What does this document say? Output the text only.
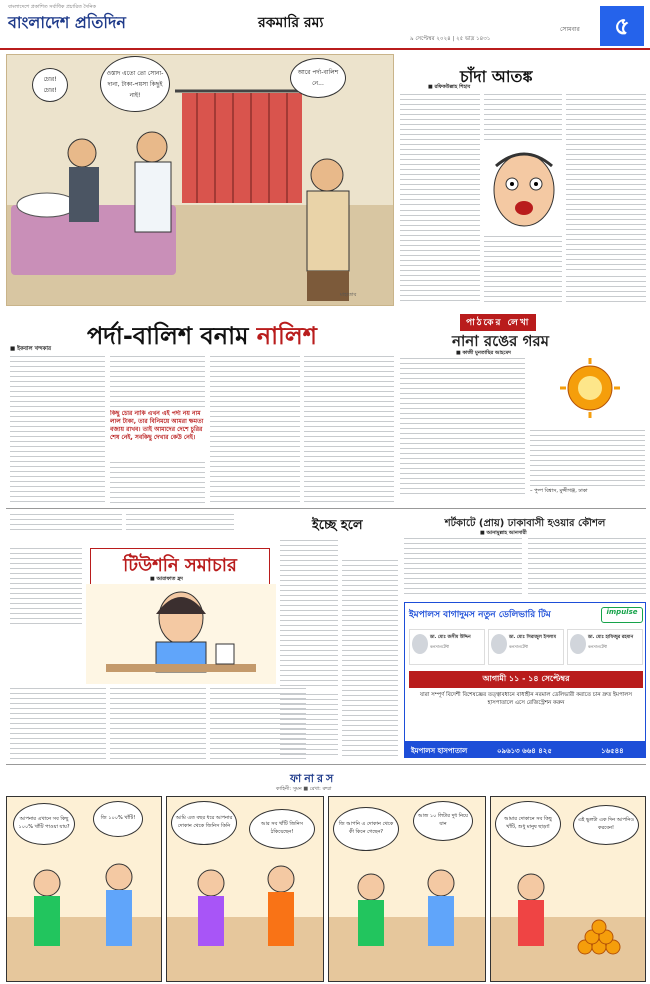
বাংলাদেশে প্রকাশিত সর্বাধিক প্রচারিত দৈনিক
বাংলাদেশ প্রতিদিন	রকমারি রম্য	সোমবার
৯ সেপ্টেম্বর ২০২৪ | ২৫ ভাদ্র ১৪৩১	৫
চোর! চোর!
ওস্তাদ এতো তো সোনা-দানা, টাকা-পয়সা কিছুই নাই!
আরে পর্দা-বালিশ নে...
মাহাতাব
পর্দা-বালিশ বনাম নালিশ
■ ইকবাল খন্দকার
কিছু চোর নাকি এখন এই পর্দা নয় নাম লাল টাকা, তার বিনিময়ে আমরা ক্ষমতা বজায় রাখব। তাই আমাদের দেশে চুরির শেষ নেই, সবকিছু দেখার কেউ নেই।
চাঁদা আতঙ্ক
■ রফিকউল্লাহ শিহাব
পাঠকের লেখা
নানা রঙের গরম
■ কাজী মুনতাছির আহমেদ
– পুষ্প বিশ্বাস, মুন্সীগঞ্জ, ঢাকা
টিউশনি সমাচার
■ আরাফাত হ্রদ
ইচ্ছে হলে	শর্টকাটে (প্রায়) ঢাকাবাসী হওয়ার কৌশল
■ আনামুল্লাহ আনসারী
ইমপালস বাগাদুমস নতুন ডেলিভারি টিম	impulse
ডা. মোঃ জসীম উদ্দিন
কনসালটেন্ট
ডা. মোঃ সিরাজুল ইসলাম
কনসালটেন্ট
ডা. মোঃ হাফিজুর রহমান
কনসালটেন্ট
আগামী ১১ - ১৪ সেপ্টেম্বর
যারা সম্পূর্ণ বিদেশী বিশেষজ্ঞের তত্ত্বাবধানে বাধাহীন নরমাল ডেলিভারী করাতে চান দ্রুত ইমপালস হাসপাতালে এসে রেজিস্ট্রেশন করুন
ইমপালস হাসপাতাল	০৯৬১৩ ৬৬৪ ৪২৫	১৬৫৪৪
ফানারস
কাহিনী: সুমন ■ রেখা: রুম্মা
আপনার এখানে সব কিছু ১০০% খাঁটি পাওয়া যায়?
জি ১০০% খাঁটি!	আমি এত বছর ধরে আপনার দোকান থেকে জিনিস কিনি	আর সব খাঁটি জিনিস ঠকিয়েছেন!
জি আপনি এ দোকান থেকে কী কিনে গেছেন?
আজ ১০ লিটার দুধ নিয়ে যান
আমার দোকানে সব কিছু খাঁটি, শুধু মানুষ ছাড়া!
এই ভুলটা এক দিন আপনিও করবেন!
